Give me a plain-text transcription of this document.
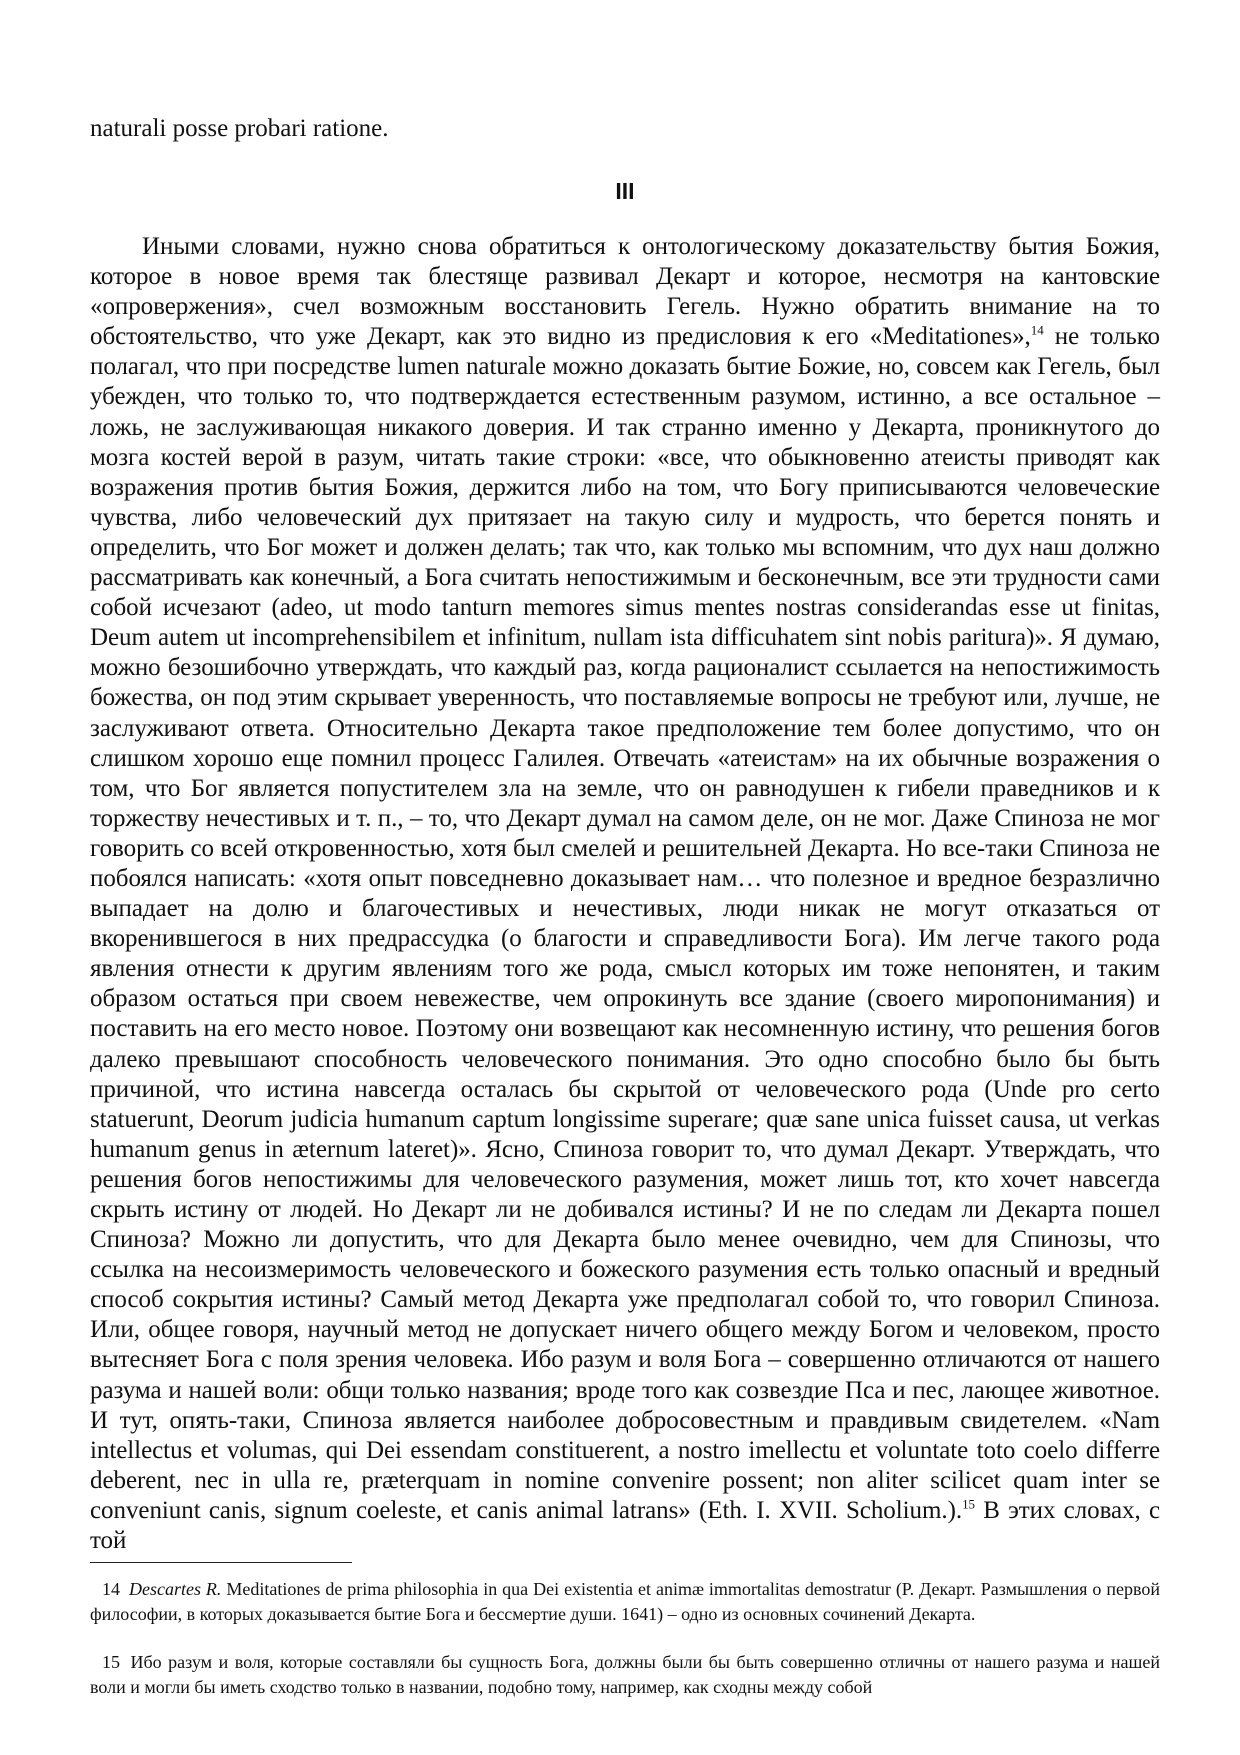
naturali posse probari ratione.

III

Иными словами, нужно снова обратиться к онтологическому доказательству бытия Божия, которое в новое время так блестяще развивал Декарт и которое, несмотря на кантовские «опровержения», счел возможным восстановить Гегель. Нужно обратить внимание на то обстоятельство, что уже Декарт, как это видно из предисловия к его «Meditationes»,$^{14}$ не только полагал, что при посредстве lumen naturale можно доказать бытие Божие, но, совсем как Гегель, был убежден, что только то, что подтверждается естественным разумом, истинно, а все остальное – ложь, не заслуживающая никакого доверия. И так странно именно у Декарта, проникнутого до мозга костей верой в разум, читать такие строки: «все, что обыкновенно атеисты приводят как возражения против бытия Божия, держится либо на том, что Богу приписываются человеческие чувства, либо человеческий дух притязает на такую силу и мудрость, что берется понять и определить, что Бог может и должен делать; так что, как только мы вспомним, что дух наш должно рассматривать как конечный, а Бога считать непостижимым и бесконечным, все эти трудности сами собой исчезают (adeo, ut modo tanturn memores simus mentes nostras considerandas esse ut finitas, Deum autem ut incomprehensibilem et infinitum, nullam ista difficuhatem sint nobis paritura)». Я думаю, можно безошибочно утверждать, что каждый раз, когда рационалист ссылается на непостижимость божества, он под этим скрывает уверенность, что поставляемые вопросы не требуют или, лучше, не заслуживают ответа. Относительно Декарта такое предположение тем более допустимо, что он слишком хорошо еще помнил процесс Галилея. Отвечать «атеистам» на их обычные возражения о том, что Бог является попустителем зла на земле, что он равнодушен к гибели праведников и к торжеству нечестивых и т. п., – то, что Декарт думал на самом деле, он не мог. Даже Спиноза не мог говорить со всей откровенностью, хотя был смелей и решительней Декарта. Но все-таки Спиноза не побоялся написать: «хотя опыт повседневно доказывает нам… что полезное и вредное безразлично выпадает на долю и благочестивых и нечестивых, люди никак не могут отказаться от вкоренившегося в них предрассудка (о благости и справедливости Бога). Им легче такого рода явления отнести к другим явлениям того же рода, смысл которых им тоже непонятен, и таким образом остаться при своем невежестве, чем опрокинуть все здание (своего миропонимания) и поставить на его место новое. Поэтому они возвещают как несомненную истину, что решения богов далеко превышают способность человеческого понимания. Это одно способно было бы быть причиной, что истина навсегда осталась бы скрытой от человеческого рода (Unde pro certo statuerunt, Deorum judicia humanum captum longissime superare; quæ sane unica fuisset causa, ut verkas humanum genus in æternum lateret)». Ясно, Спиноза говорит то, что думал Декарт. Утверждать, что решения богов непостижимы для человеческого разумения, может лишь тот, кто хочет навсегда скрыть истину от людей. Но Декарт ли не добивался истины? И не по следам ли Декарта пошел Спиноза? Можно ли допустить, что для Декарта было менее очевидно, чем для Спинозы, что ссылка на несоизмеримость человеческого и божеского разумения есть только опасный и вредный способ сокрытия истины? Самый метод Декарта уже предполагал собой то, что говорил Спиноза. Или, общее говоря, научный метод не допускает ничего общего между Богом и человеком, просто вытесняет Бога с поля зрения человека. Ибо разум и воля Бога – совершенно отличаются от нашего разума и нашей воли: общи только названия; вроде того как созвездие Пса и пес, лающее животное. И тут, опять-таки, Спиноза является наиболее добросовестным и правдивым свидетелем. «Nam intellectus et volumas, qui Dei essendam constituerent, a nostro imellectu et voluntate toto coelo differre deberent, nec in ulla re, præterquam in nomine convenire possent; non aliter scilicet quam inter se conveniunt canis, signum coeleste, et canis animal latrans» (Eth. I. XVII. Scholium.).$^{15}$ В этих словах, с той

14 Descartes R. Meditationes de prima philosophia in qua Dei existentia et animæ immortalitas demostratur (Р. Декарт. Размышления о первой философии, в которых доказывается бытие Бога и бессмертие души. 1641) – одно из основных сочинений Декарта.

15 Ибо разум и воля, которые составляли бы сущность Бога, должны были бы быть совершенно отличны от нашего разума и нашей воли и могли бы иметь сходство только в названии, подобно тому, например, как сходны между собой
